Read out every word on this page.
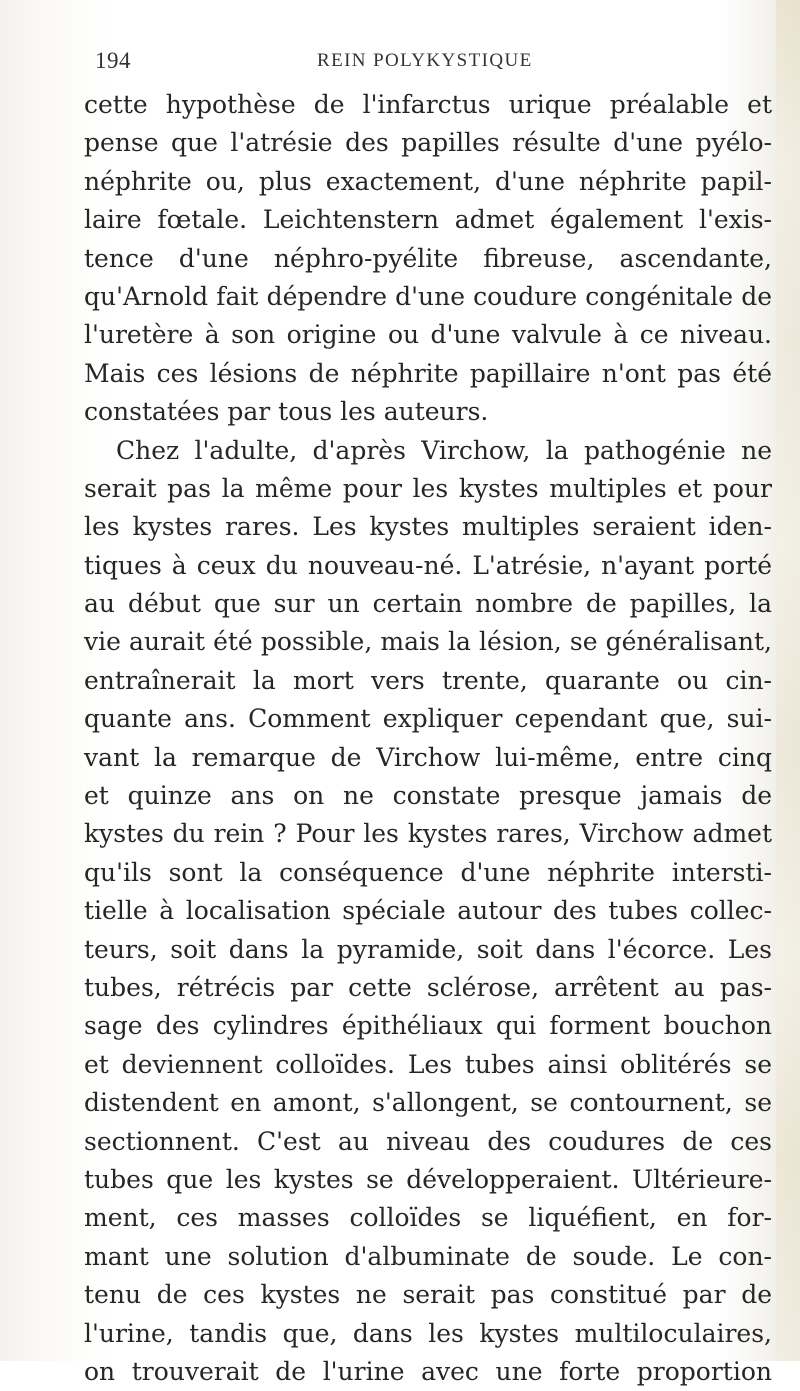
194	REIN POLYKYSTIQUE
cette hypothèse de l'infarctus urique préalable et
pense que l'atrésie des papilles résulte d'une pyélo-
néphrite ou, plus exactement, d'une néphrite papil-
laire fœtale. Leichtenstern admet également l'exis-
tence d'une néphro-pyélite fibreuse, ascendante,
qu'Arnold fait dépendre d'une coudure congénitale de
l'uretère à son origine ou d'une valvule à ce niveau.
Mais ces lésions de néphrite papillaire n'ont pas été
constatées par tous les auteurs.
Chez l'adulte, d'après Virchow, la pathogénie ne
serait pas la même pour les kystes multiples et pour
les kystes rares. Les kystes multiples seraient iden-
tiques à ceux du nouveau-né. L'atrésie, n'ayant porté
au début que sur un certain nombre de papilles, la
vie aurait été possible, mais la lésion, se généralisant,
entraînerait la mort vers trente, quarante ou cin-
quante ans. Comment expliquer cependant que, sui-
vant la remarque de Virchow lui-même, entre cinq
et quinze ans on ne constate presque jamais de
kystes du rein ? Pour les kystes rares, Virchow admet
qu'ils sont la conséquence d'une néphrite intersti-
tielle à localisation spéciale autour des tubes collec-
teurs, soit dans la pyramide, soit dans l'écorce. Les
tubes, rétrécis par cette sclérose, arrêtent au pas-
sage des cylindres épithéliaux qui forment bouchon
et deviennent colloïdes. Les tubes ainsi oblitérés se
distendent en amont, s'allongent, se contournent, se
sectionnent. C'est au niveau des coudures de ces
tubes que les kystes se développeraient. Ultérieure-
ment, ces masses colloïdes se liquéfient, en for-
mant une solution d'albuminate de soude. Le con-
tenu de ces kystes ne serait pas constitué par de
l'urine, tandis que, dans les kystes multiloculaires,
on trouverait de l'urine avec une forte proportion
